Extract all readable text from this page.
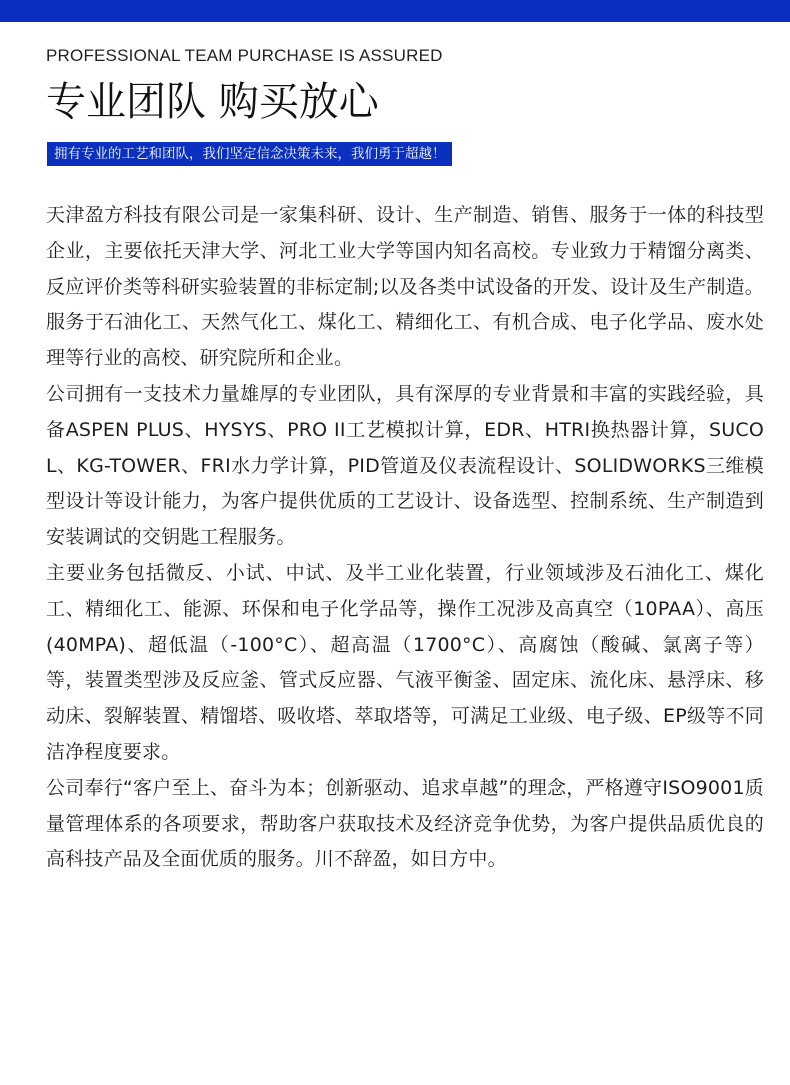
PROFESSIONAL TEAM PURCHASE IS ASSURED
专业团队 购买放心
拥有专业的工艺和团队，我们坚定信念决策未来，我们勇于超越！

天津盈方科技有限公司是一家集科研、设计、生产制造、销售、服务于一体的科技型企业，主要依托天津大学、河北工业大学等国内知名高校。专业致力于精馏分离类、反应评价类等科研实验装置的非标定制;以及各类中试设备的开发、设计及生产制造。服务于石油化工、天然气化工、煤化工、精细化工、有机合成、电子化学品、废水处理等行业的高校、研究院所和企业。

公司拥有一支技术力量雄厚的专业团队，具有深厚的专业背景和丰富的实践经验，具备ASPEN PLUS、HYSYS、PRO II工艺模拟计算，EDR、HTRI换热器计算，SUCOL、KG-TOWER、FRI水力学计算，PID管道及仪表流程设计、SOLIDWORKS三维模型设计等设计能力，为客户提供优质的工艺设计、设备选型、控制系统、生产制造到安装调试的交钥匙工程服务。

主要业务包括微反、小试、中试、及半工业化装置，行业领域涉及石油化工、煤化工、精细化工、能源、环保和电子化学品等，操作工况涉及高真空（10PAA）、高压(40MPA)、超低温（-100°C）、超高温（1700°C）、高腐蚀（酸碱、氯离子等）等，装置类型涉及反应釜、管式反应器、气液平衡釜、固定床、流化床、悬浮床、移动床、裂解装置、精馏塔、吸收塔、萃取塔等，可满足工业级、电子级、EP级等不同洁净程度要求。

公司奉行“客户至上、奋斗为本；创新驱动、追求卓越”的理念，严格遵守ISO9001质量管理体系的各项要求，帮助客户获取技术及经济竞争优势，为客户提供品质优良的高科技产品及全面优质的服务。川不辞盈，如日方中。
